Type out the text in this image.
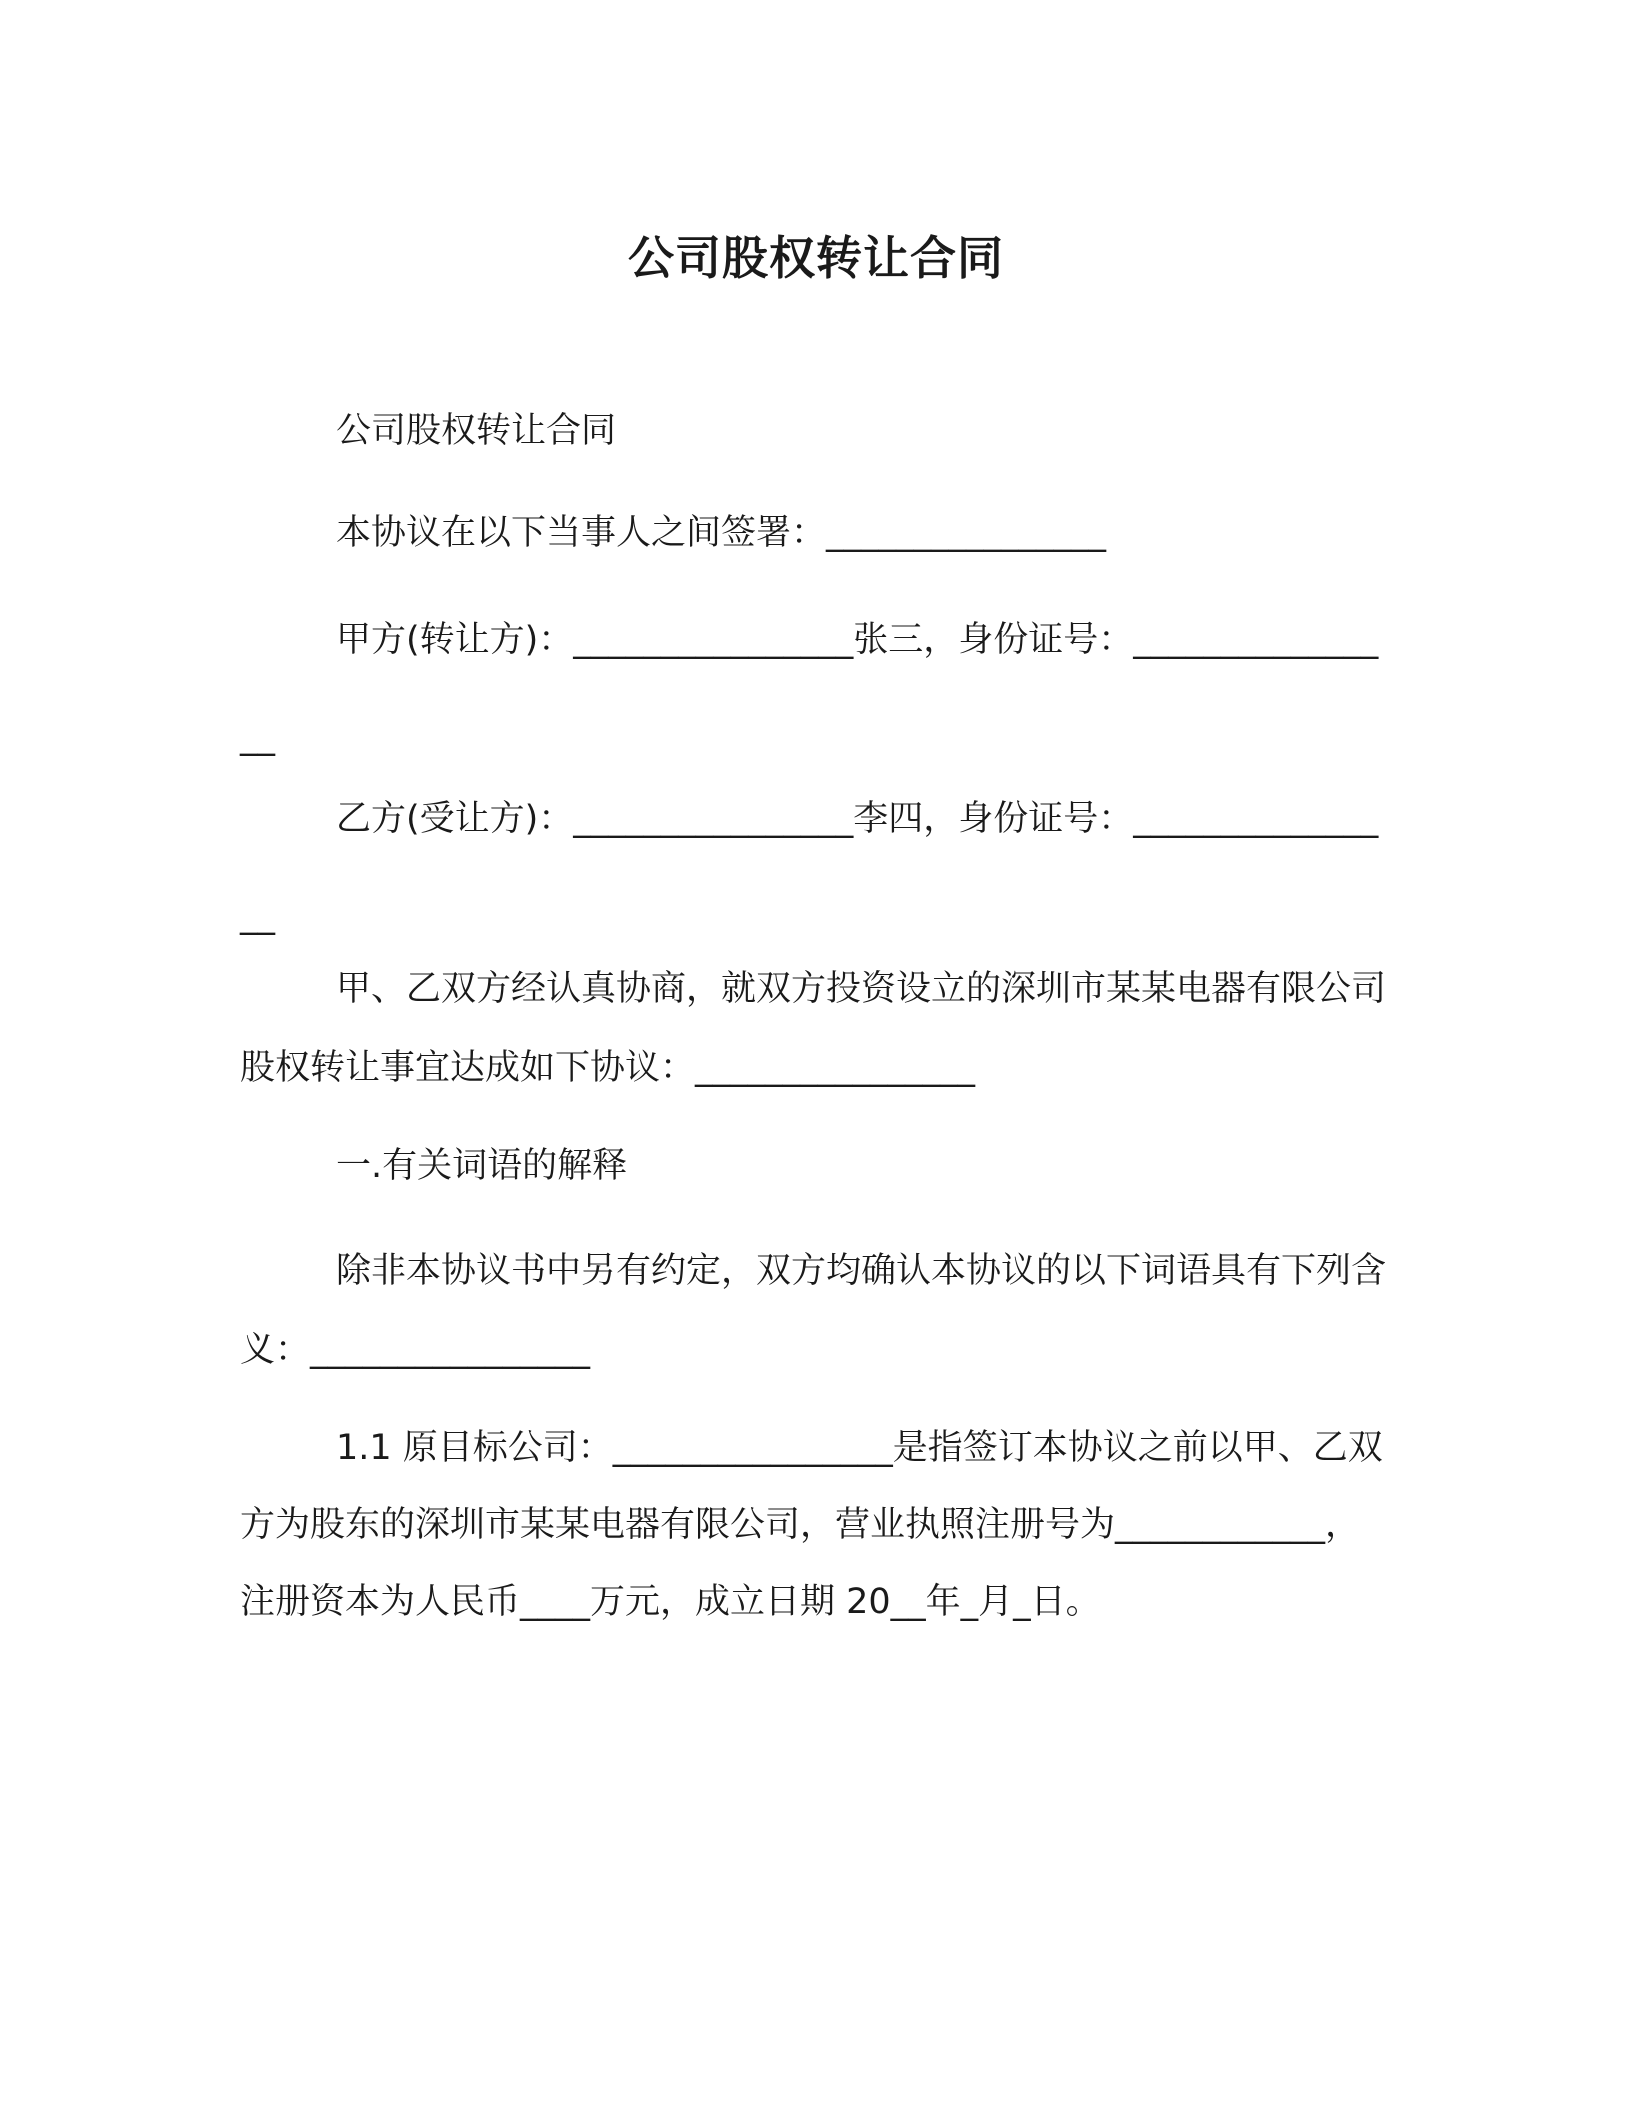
公司股权转让合同
公司股权转让合同
本协议在以下当事人之间签署：________________
甲方(转让方)：________________张三，身份证号：________________
乙方(受让方)：________________李四，身份证号：________________
甲、乙双方经认真协商，就双方投资设立的深圳市某某电器有限公司股权转让事宜达成如下协议：________________
一.有关词语的解释
除非本协议书中另有约定，双方均确认本协议的以下词语具有下列含义：________________
1.1 原目标公司：________________是指签订本协议之前以甲、乙双方为股东的深圳市某某电器有限公司，营业执照注册号为____________，注册资本为人民币____万元，成立日期 20__年_月_日。
